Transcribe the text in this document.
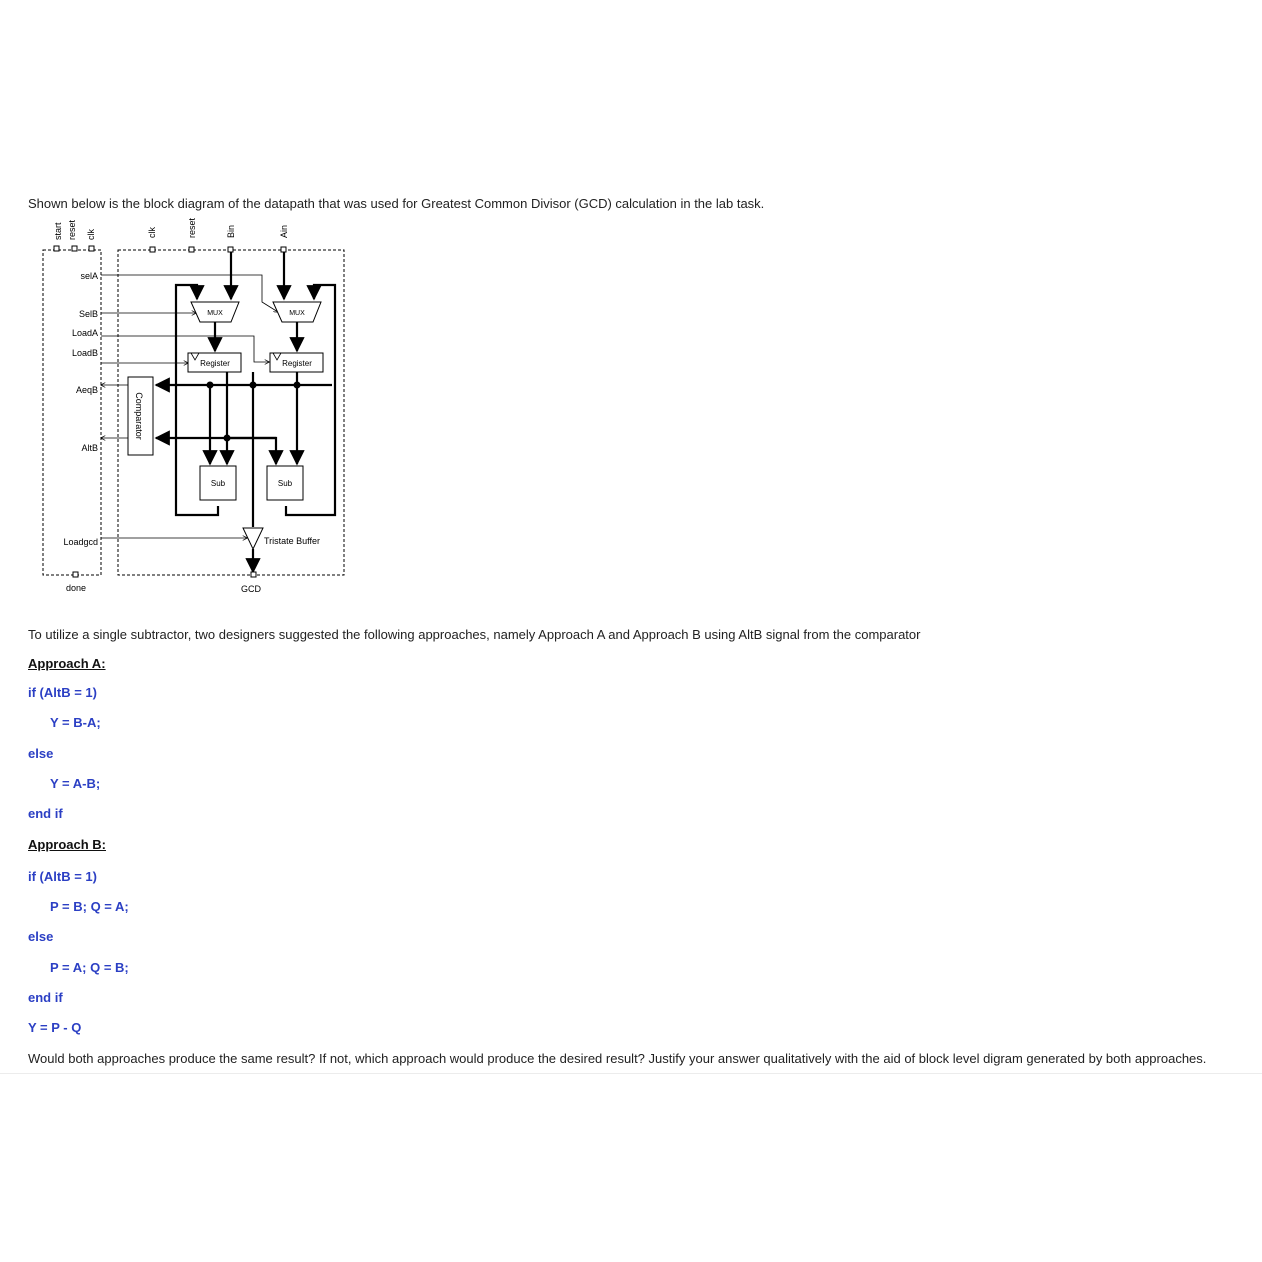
Shown below is the block diagram of the datapath that was used for Greatest Common Divisor (GCD) calculation in the lab task.

start reset clk	clk	reset	Bin	Ain
selA
SelB
LoadA
LoadB
AeqB
AltB
Loadgcd
MUX	MUX
Register	Register
Comparator
Sub	Sub
Tristate Buffer
done	GCD

To utilize a single subtractor, two designers suggested the following approaches, namely Approach A and Approach B using AltB signal from the comparator

Approach A:

if (AltB = 1)

Y = B-A;

else

Y = A-B;

end if

Approach B:

if (AltB = 1)

P = B; Q = A;

else

P = A; Q = B;

end if

Y = P - Q

Would both approaches produce the same result? If not, which approach would produce the desired result? Justify your answer qualitatively with the aid of block level digram generated by both approaches.
